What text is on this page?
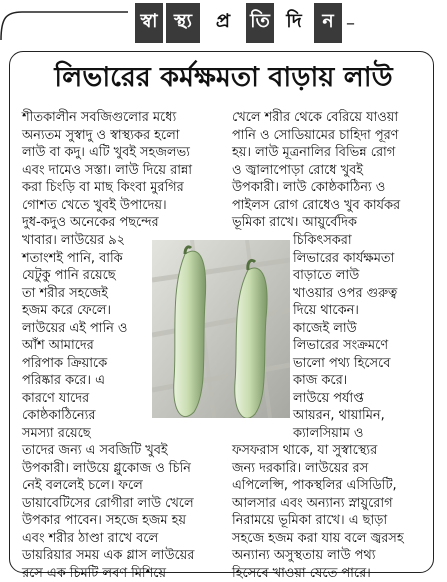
স্বা স্থ্য	প্র	তি দি	ন –
লিভারের কর্মক্ষমতা বাড়ায় লাউ
শীতকালীন সবজিগুলোর মধ্যে
অন্যতম সুস্বাদু ও স্বাস্থ্যকর হলো
লাউ বা কদু। এটি খুবই সহজলভ্য
এবং দামেও সস্তা। লাউ দিয়ে রান্না
করা চিংড়ি বা মাছ কিংবা মুরগির
গোশত খেতে খুবই উপাদেয়।
দুধ-কদুও অনেকের পছন্দের
খাবার। লাউয়ের ৯২
শতাংশই পানি, বাকি
যেটুকু পানি রয়েছে
তা শরীর সহজেই
হজম করে ফেলে।
লাউয়ের এই পানি ও
আঁশ আমাদের
পরিপাক ক্রিয়াকে
পরিষ্কার করে। এ
কারণে যাদের
কোষ্ঠকাঠিন্যের
সমস্যা রয়েছে
তাদের জন্য এ সবজিটি খুবই
উপকারী। লাউয়ে গ্লুকোজ ও চিনি
নেই বললেই চলে। ফলে
ডায়াবেটিসের রোগীরা লাউ খেলে
উপকার পাবেন। সহজে হজম হয়
এবং শরীর ঠাণ্ডা রাখে বলে
ডায়রিয়ার সময় এক গ্লাস লাউয়ের
রসে এক চিমটি লবণ মিশিয়ে
খেলে শরীর থেকে বেরিয়ে যাওয়া
পানি ও সোডিয়ামের চাহিদা পূরণ
হয়। লাউ মূত্রনালির বিভিন্ন রোগ
ও জ্বালাপোড়া রোধে খুবই
উপকারী। লাউ কোষ্ঠকাঠিন্য ও
পাইলস রোগ রোধেও খুব কার্যকর
ভূমিকা রাখে। আয়ুর্বেদিক
চিকিৎসকরা
লিভারের কার্যক্ষমতা
বাড়াতে লাউ
খাওয়ার ওপর গুরুত্ব
দিয়ে থাকেন।
কাজেই লাউ
লিভারের সংক্রমণে
ভালো পথ্য হিসেবে
কাজ করে।
লাউয়ে পর্যাপ্ত
আয়রন, থায়ামিন,
ক্যালসিয়াম ও
ফসফরাস থাকে, যা সুস্বাস্থ্যের
জন্য দরকারি। লাউয়ের রস
এপিলেপ্সি, পাকস্থলির এসিডিটি,
আলসার এবং অন্যান্য স্নায়ুরোগ
নিরাময়ে ভূমিকা রাখে। এ ছাড়া
সহজে হজম করা যায় বলে জ্বরসহ
অন্যান্য অসুস্থতায় লাউ পথ্য
হিসেবে খাওয়া যেতে পারে।
